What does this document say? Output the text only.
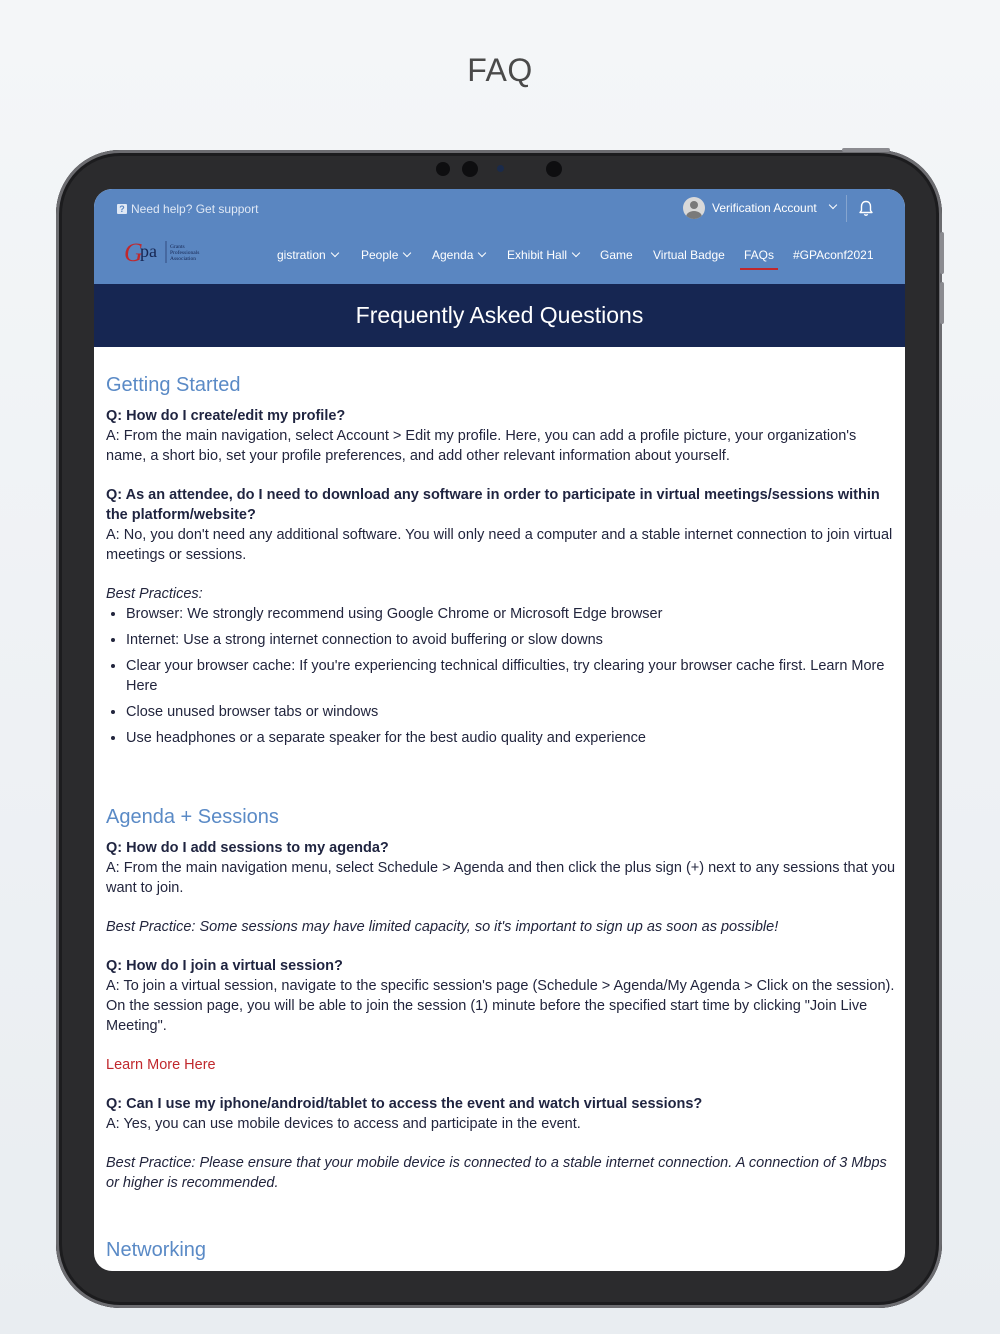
FAQ
? Need help? Get support	Verification Account
G
pa Grants
Professionals
Association	gistration	People	Agenda	Exhibit Hall	Game Virtual Badge FAQs #GPAconf2021
Frequently Asked Questions
Getting Started
Q: How do I create/edit my profile?
A: From the main navigation, select Account > Edit my profile. Here, you can add a profile picture, your organization's name, a short bio, set your profile preferences, and add other relevant information about yourself.
Q: As an attendee, do I need to download any software in order to participate in virtual meetings/sessions within the platform/website?
A: No, you don't need any additional software. You will only need a computer and a stable internet connection to join virtual meetings or sessions.
Best Practices:
• Browser: We strongly recommend using Google Chrome or Microsoft Edge browser
• Internet: Use a strong internet connection to avoid buffering or slow downs
• Clear your browser cache: If you're experiencing technical difficulties, try clearing your browser cache first. Learn More Here
• Close unused browser tabs or windows
• Use headphones or a separate speaker for the best audio quality and experience
Agenda + Sessions
Q: How do I add sessions to my agenda?
A: From the main navigation menu, select Schedule > Agenda and then click the plus sign (+) next to any sessions that you want to join.
Best Practice: Some sessions may have limited capacity, so it's important to sign up as soon as possible!
Q: How do I join a virtual session?
A: To join a virtual session, navigate to the specific session's page (Schedule > Agenda/My Agenda > Click on the session). On the session page, you will be able to join the session (1) minute before the specified start time by clicking "Join Live Meeting".
Learn More Here
Q: Can I use my iphone/android/tablet to access the event and watch virtual sessions?
A: Yes, you can use mobile devices to access and participate in the event.
Best Practice: Please ensure that your mobile device is connected to a stable internet connection. A connection of 3 Mbps or higher is recommended.
Networking
